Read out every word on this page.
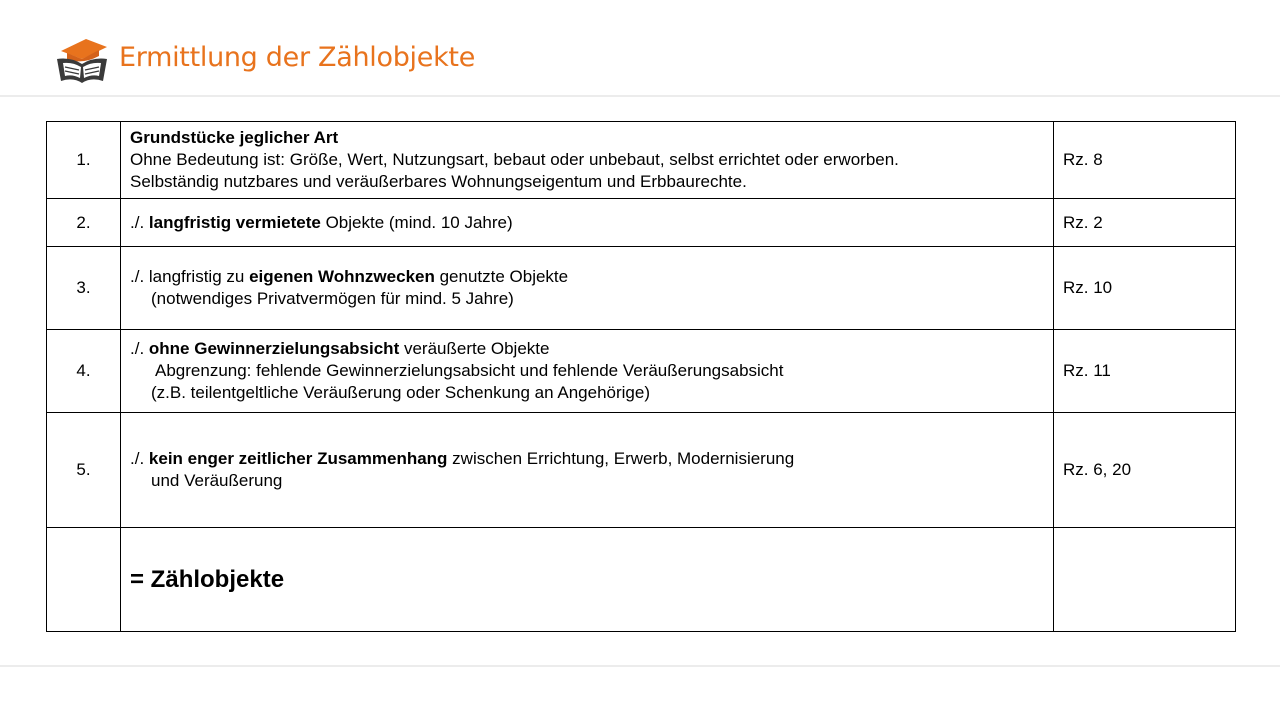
Ermittlung der Zählobjekte
1.	Grundstücke jeglicher Art
Ohne Bedeutung ist: Größe, Wert, Nutzungsart, bebaut oder unbebaut, selbst errichtet oder erworben.
Selbständig nutzbares und veräußerbares Wohnungseigentum und Erbbaurechte.	Rz. 8
2.	./. langfristig vermietete Objekte (mind. 10 Jahre)	Rz. 2
3.	./. langfristig zu eigenen Wohnzwecken genutzte Objekte
(notwendiges Privatvermögen für mind. 5 Jahre)	Rz. 10
4.	./. ohne Gewinnerzielungsabsicht veräußerte Objekte
Abgrenzung: fehlende Gewinnerzielungsabsicht und fehlende Veräußerungsabsicht
(z.B. teilentgeltliche Veräußerung oder Schenkung an Angehörige)	Rz. 11
5.	./. kein enger zeitlicher Zusammenhang zwischen Errichtung, Erwerb, Modernisierung
und Veräußerung	Rz. 6, 20

	= Zählobjekte	
